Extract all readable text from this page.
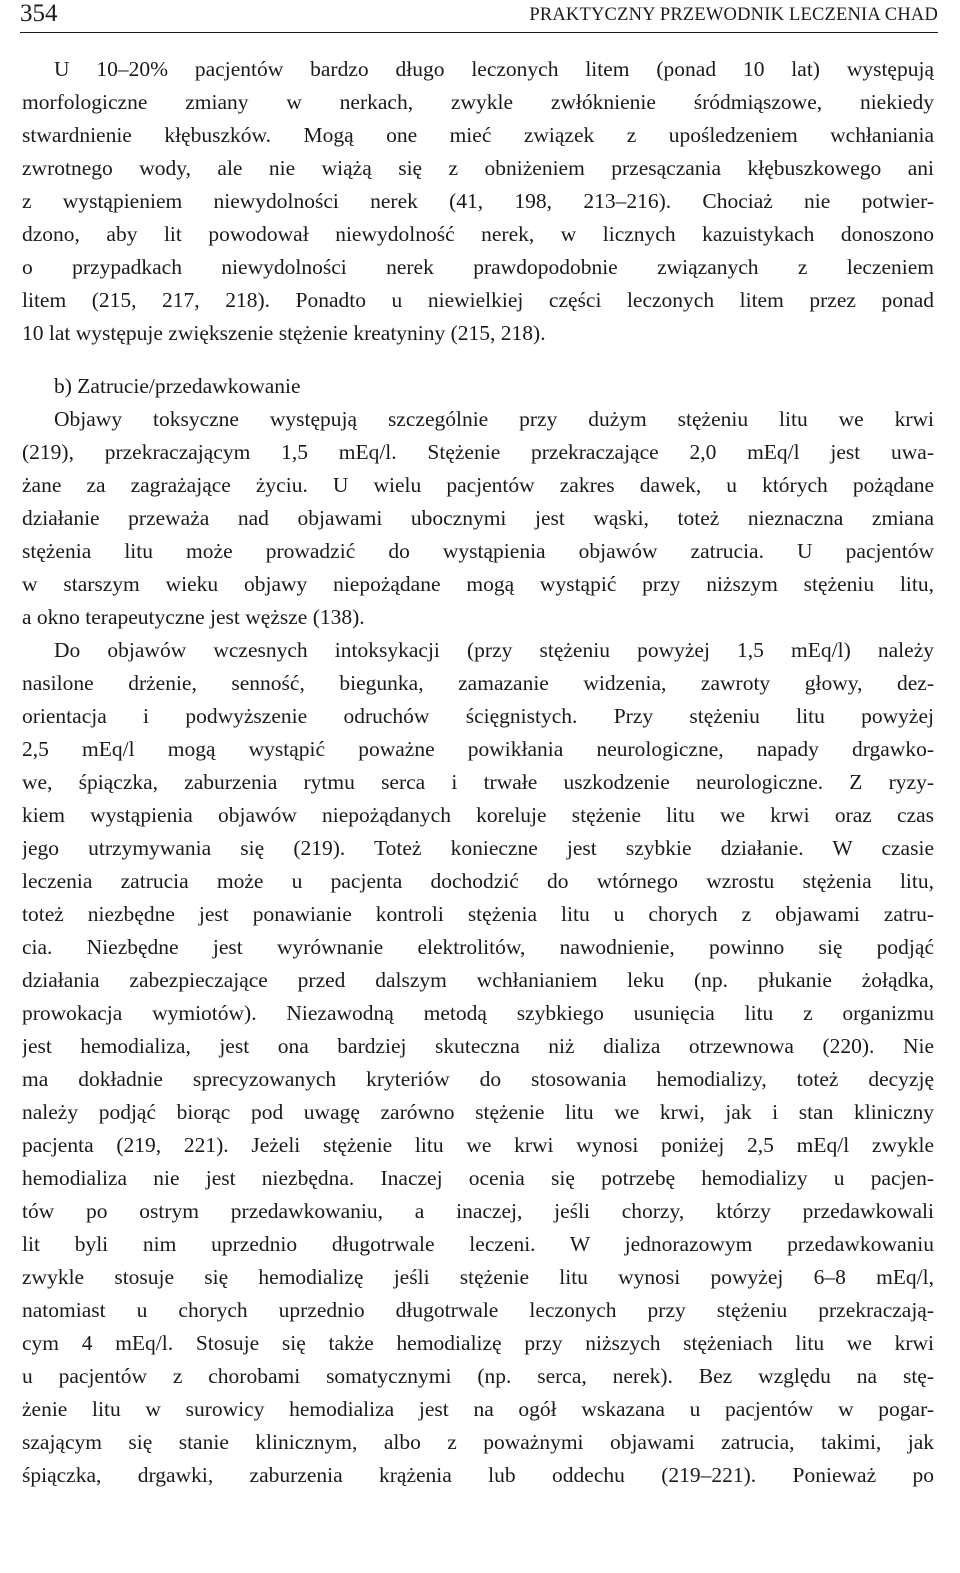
354	PRAKTYCZNY PRZEWODNIK LECZENIA CHAD
U 10–20% pacjentów bardzo długo leczonych litem (ponad 10 lat) występują
morfologiczne zmiany w nerkach, zwykle zwłóknienie śródmiąszowe, niekiedy
stwardnienie kłębuszków. Mogą one mieć związek z upośledzeniem wchłaniania
zwrotnego wody, ale nie wiążą się z obniżeniem przesączania kłębuszkowego ani
z wystąpieniem niewydolności nerek (41, 198, 213–216). Chociaż nie potwier-
dzono, aby lit powodował niewydolność nerek, w licznych kazuistykach donoszono
o przypadkach niewydolności nerek prawdopodobnie związanych z leczeniem
litem (215, 217, 218). Ponadto u niewielkiej części leczonych litem przez ponad
10 lat występuje zwiększenie stężenie kreatyniny (215, 218).
b) Zatrucie/przedawkowanie
Objawy toksyczne występują szczególnie przy dużym stężeniu litu we krwi
(219), przekraczającym 1,5 mEq/l. Stężenie przekraczające 2,0 mEq/l jest uwa-
żane za zagrażające życiu. U wielu pacjentów zakres dawek, u których pożądane
działanie przeważa nad objawami ubocznymi jest wąski, toteż nieznaczna zmiana
stężenia litu może prowadzić do wystąpienia objawów zatrucia. U pacjentów
w starszym wieku objawy niepożądane mogą wystąpić przy niższym stężeniu litu,
a okno terapeutyczne jest węższe (138).
Do objawów wczesnych intoksykacji (przy stężeniu powyżej 1,5 mEq/l) należy
nasilone drżenie, senność, biegunka, zamazanie widzenia, zawroty głowy, dez-
orientacja i podwyższenie odruchów ścięgnistych. Przy stężeniu litu powyżej
2,5 mEq/l mogą wystąpić poważne powikłania neurologiczne, napady drgawko-
we, śpiączka, zaburzenia rytmu serca i trwałe uszkodzenie neurologiczne. Z ryzy-
kiem wystąpienia objawów niepożądanych koreluje stężenie litu we krwi oraz czas
jego utrzymywania się (219). Toteż konieczne jest szybkie działanie. W czasie
leczenia zatrucia może u pacjenta dochodzić do wtórnego wzrostu stężenia litu,
toteż niezbędne jest ponawianie kontroli stężenia litu u chorych z objawami zatru-
cia. Niezbędne jest wyrównanie elektrolitów, nawodnienie, powinno się podjąć
działania zabezpieczające przed dalszym wchłanianiem leku (np. płukanie żołądka,
prowokacja wymiotów). Niezawodną metodą szybkiego usunięcia litu z organizmu
jest hemodializa, jest ona bardziej skuteczna niż dializa otrzewnowa (220). Nie
ma dokładnie sprecyzowanych kryteriów do stosowania hemodializy, toteż decyzję
należy podjąć biorąc pod uwagę zarówno stężenie litu we krwi, jak i stan kliniczny
pacjenta (219, 221). Jeżeli stężenie litu we krwi wynosi poniżej 2,5 mEq/l zwykle
hemodializa nie jest niezbędna. Inaczej ocenia się potrzebę hemodializy u pacjen-
tów po ostrym przedawkowaniu, a inaczej, jeśli chorzy, którzy przedawkowali
lit byli nim uprzednio długotrwale leczeni. W jednorazowym przedawkowaniu
zwykle stosuje się hemodializę jeśli stężenie litu wynosi powyżej 6–8 mEq/l,
natomiast u chorych uprzednio długotrwale leczonych przy stężeniu przekraczają-
cym 4 mEq/l. Stosuje się także hemodializę przy niższych stężeniach litu we krwi
u pacjentów z chorobami somatycznymi (np. serca, nerek). Bez względu na stę-
żenie litu w surowicy hemodializa jest na ogół wskazana u pacjentów w pogar-
szającym się stanie klinicznym, albo z poważnymi objawami zatrucia, takimi, jak
śpiączka, drgawki, zaburzenia krążenia lub oddechu (219–221). Ponieważ po
